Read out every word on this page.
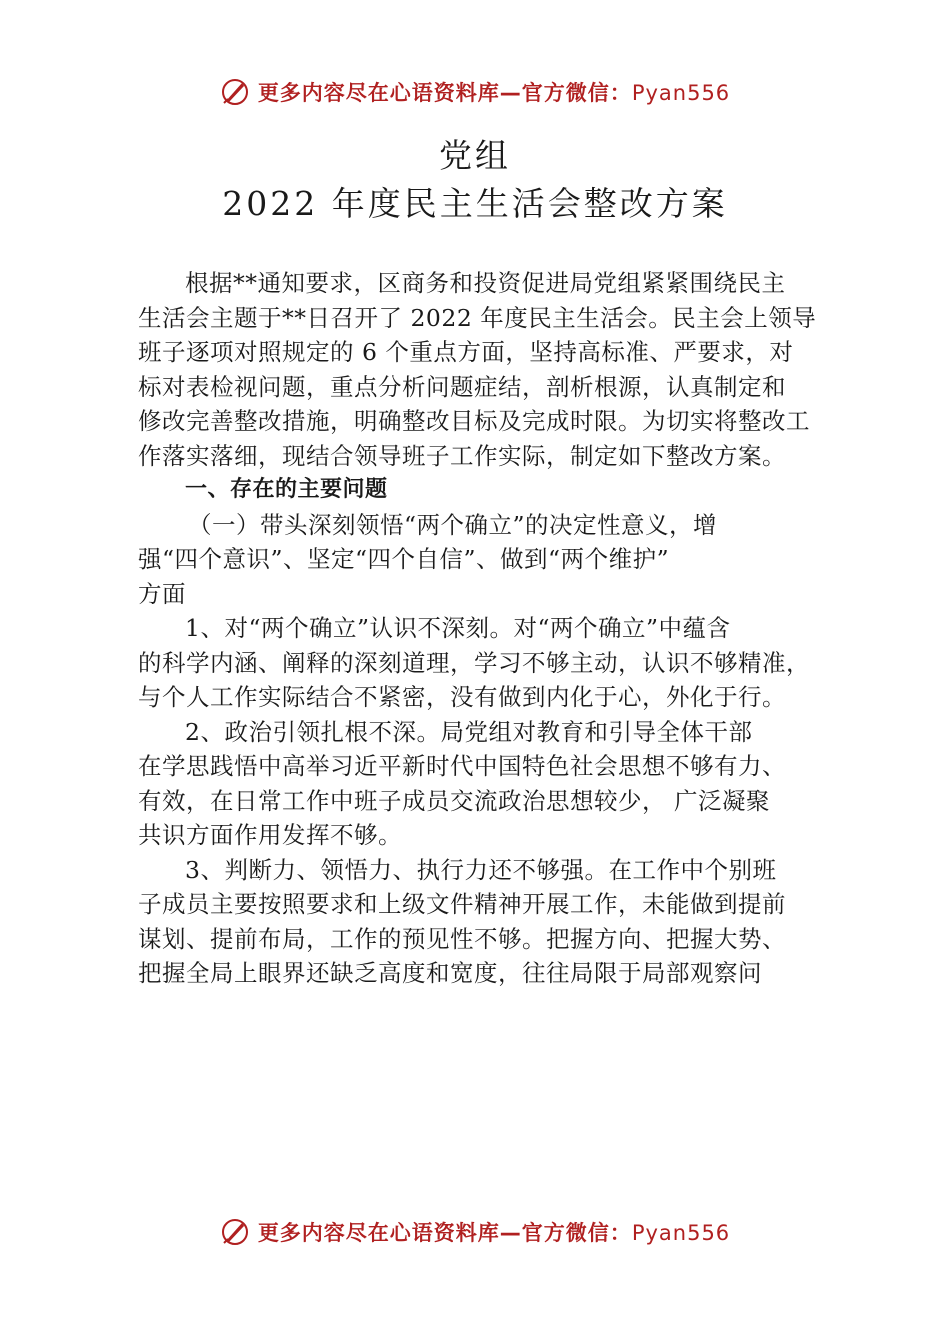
更多内容尽在心语资料库—官方微信：Pyan556
党组
2022 年度民主生活会整改方案
根据**通知要求，区商务和投资促进局党组紧紧围绕民主
生活会主题于**日召开了 2022 年度民主生活会。民主会上领导
班子逐项对照规定的 6 个重点方面，坚持高标准、严要求，对
标对表检视问题，重点分析问题症结，剖析根源，认真制定和
修改完善整改措施，明确整改目标及完成时限。为切实将整改工
作落实落细，现结合领导班子工作实际，制定如下整改方案。
一、存在的主要问题
（一）带头深刻领悟“两个确立”的决定性意义，增
强“四个意识”、坚定“四个自信”、做到“两个维护”
方面
1、对“两个确立”认识不深刻。对“两个确立”中蕴含
的科学内涵、阐释的深刻道理，学习不够主动，认识不够精准，
与个人工作实际结合不紧密，没有做到内化于心，外化于行。
2、政治引领扎根不深。局党组对教育和引导全体干部
在学思践悟中高举习近平新时代中国特色社会思想不够有力、
有效，在日常工作中班子成员交流政治思想较少， 广泛凝聚
共识方面作用发挥不够。
3、判断力、领悟力、执行力还不够强。在工作中个别班
子成员主要按照要求和上级文件精神开展工作，未能做到提前
谋划、提前布局，工作的预见性不够。把握方向、把握大势、
把握全局上眼界还缺乏高度和宽度，往往局限于局部观察问
更多内容尽在心语资料库—官方微信：Pyan556
